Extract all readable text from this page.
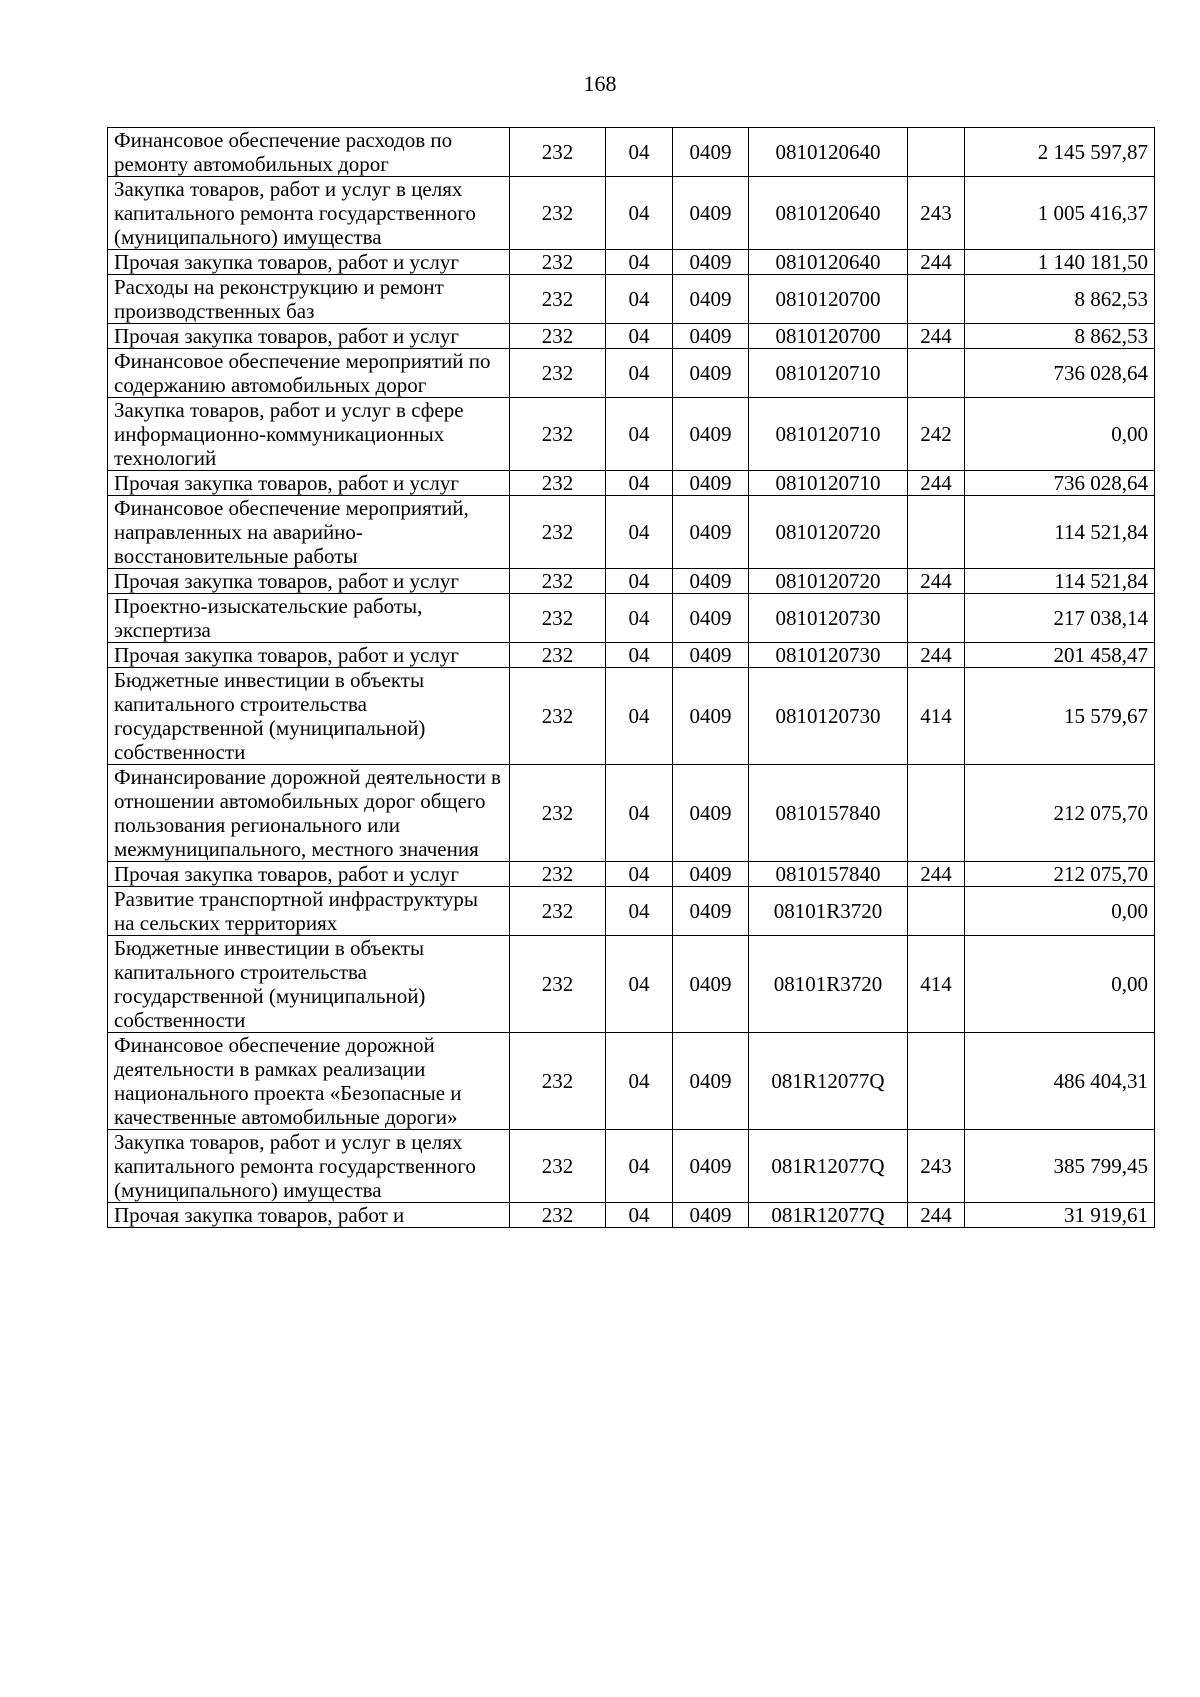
168
Финансовое обеспечение расходов по ремонту автомобильных дорог	232	04	0409	0810120640		2 145 597,87
Закупка товаров, работ и услуг в целях капитального ремонта государственного (муниципального) имущества	232	04	0409	0810120640	243	1 005 416,37
Прочая закупка товаров, работ и услуг	232	04	0409	0810120640	244	1 140 181,50
Расходы на реконструкцию и ремонт производственных баз	232	04	0409	0810120700		8 862,53
Прочая закупка товаров, работ и услуг	232	04	0409	0810120700	244	8 862,53
Финансовое обеспечение мероприятий по содержанию автомобильных дорог	232	04	0409	0810120710		736 028,64
Закупка товаров, работ и услуг в сфере информационно-коммуникационных технологий	232	04	0409	0810120710	242	0,00
Прочая закупка товаров, работ и услуг	232	04	0409	0810120710	244	736 028,64
Финансовое обеспечение мероприятий, направленных на аварийно-восстановительные работы	232	04	0409	0810120720		114 521,84
Прочая закупка товаров, работ и услуг	232	04	0409	0810120720	244	114 521,84
Проектно-изыскательские работы, экспертиза	232	04	0409	0810120730		217 038,14
Прочая закупка товаров, работ и услуг	232	04	0409	0810120730	244	201 458,47
Бюджетные инвестиции в объекты капитального строительства государственной (муниципальной) собственности	232	04	0409	0810120730	414	15 579,67
Финансирование дорожной деятельности в отношении автомобильных дорог общего пользования регионального или межмуниципального, местного значения	232	04	0409	0810157840		212 075,70
Прочая закупка товаров, работ и услуг	232	04	0409	0810157840	244	212 075,70
Развитие транспортной инфраструктуры на сельских территориях	232	04	0409	08101R3720		0,00
Бюджетные инвестиции в объекты капитального строительства государственной (муниципальной) собственности	232	04	0409	08101R3720	414	0,00
Финансовое обеспечение дорожной деятельности в рамках реализации национального проекта «Безопасные и качественные автомобильные дороги»	232	04	0409	081R12077Q		486 404,31
Закупка товаров, работ и услуг в целях капитального ремонта государственного (муниципального) имущества	232	04	0409	081R12077Q	243	385 799,45
Прочая закупка товаров, работ и	232	04	0409	081R12077Q	244	31 919,61
